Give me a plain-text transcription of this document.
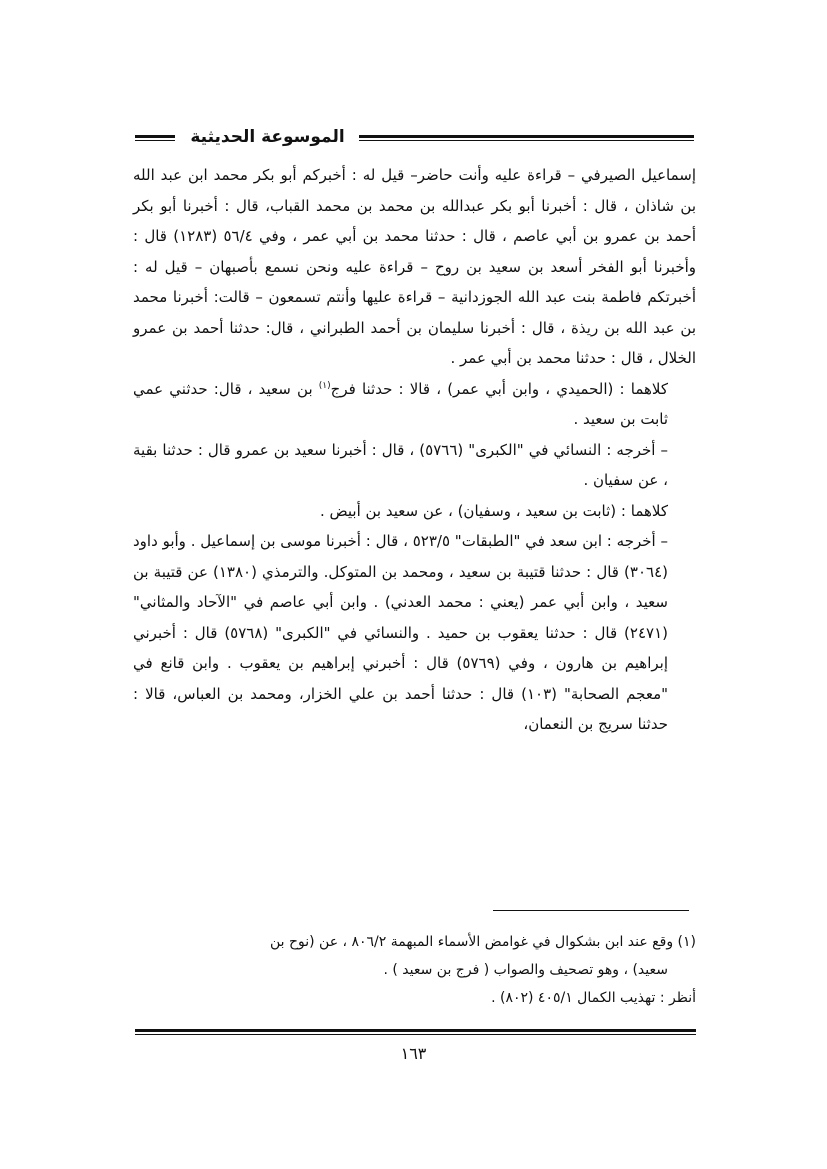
الموسوعة الحديثية

إسماعيل الصيرفي – قراءة عليه وأنت حاضر– قيل له : أخبركم أبو بكر محمد ابن عبد الله بن شاذان ، قال : أخبرنا أبو بكر عبدالله بن محمد بن محمد القباب، قال : أخبرنا أبو بكر أحمد بن عمرو بن أبي عاصم ، قال : حدثنا محمد بن أبي عمر ، وفي ٥٦/٤ (١٢٨٣) قال : وأخبرنا أبو الفخر أسعد بن سعيد بن روح – قراءة عليه ونحن نسمع بأصبهان – قيل له : أخبرتكم فاطمة بنت عبد الله الجوزدانية – قراءة عليها وأنتم تسمعون – قالت: أخبرنا محمد بن عبد الله بن ريذة ، قال : أخبرنا سليمان بن أحمد الطبراني ، قال: حدثنا أحمد بن عمرو الخلال ، قال : حدثنا محمد بن أبي عمر .

كلاهما : (الحميدي ، وابن أبي عمر) ، قالا : حدثنا فرج$^{(١)}$ بن سعيد ، قال: حدثني عمي ثابت بن سعيد .

– أخرجه : النسائي في "الكبرى" (٥٧٦٦) ، قال : أخبرنا سعيد بن عمرو قال : حدثنا بقية ، عن سفيان .

كلاهما : (ثابت بن سعيد ، وسفيان) ، عن سعيد بن أبيض .

– أخرجه : ابن سعد في "الطبقات" ٥٢٣/٥ ، قال : أخبرنا موسى بن إسماعيل . وأبو داود (٣٠٦٤) قال : حدثنا قتيبة بن سعيد ، ومحمد بن المتوكل. والترمذي (١٣٨٠) عن قتيبة بن سعيد ، وابن أبي عمر (يعني : محمد العدني) . وابن أبي عاصم في "الآحاد والمثاني" (٢٤٧١) قال : حدثنا يعقوب بن حميد . والنسائي في "الكبرى" (٥٧٦٨) قال : أخبرني إبراهيم بن هارون ، وفي (٥٧٦٩) قال : أخبرني إبراهيم بن يعقوب . وابن قانع في "معجم الصحابة" (١٠٣) قال : حدثنا أحمد بن علي الخزار، ومحمد بن العباس، قالا : حدثنا سريج بن النعمان،

(١) وقع عند ابن بشكوال في غوامض الأسماء المبهمة ٨٠٦/٢ ، عن (نوح بن

سعيد) ، وهو تصحيف والصواب ( فرج بن سعيد ) .

أنظر : تهذيب الكمال ٤٠٥/١ (٨٠٢) .

١٦٣
